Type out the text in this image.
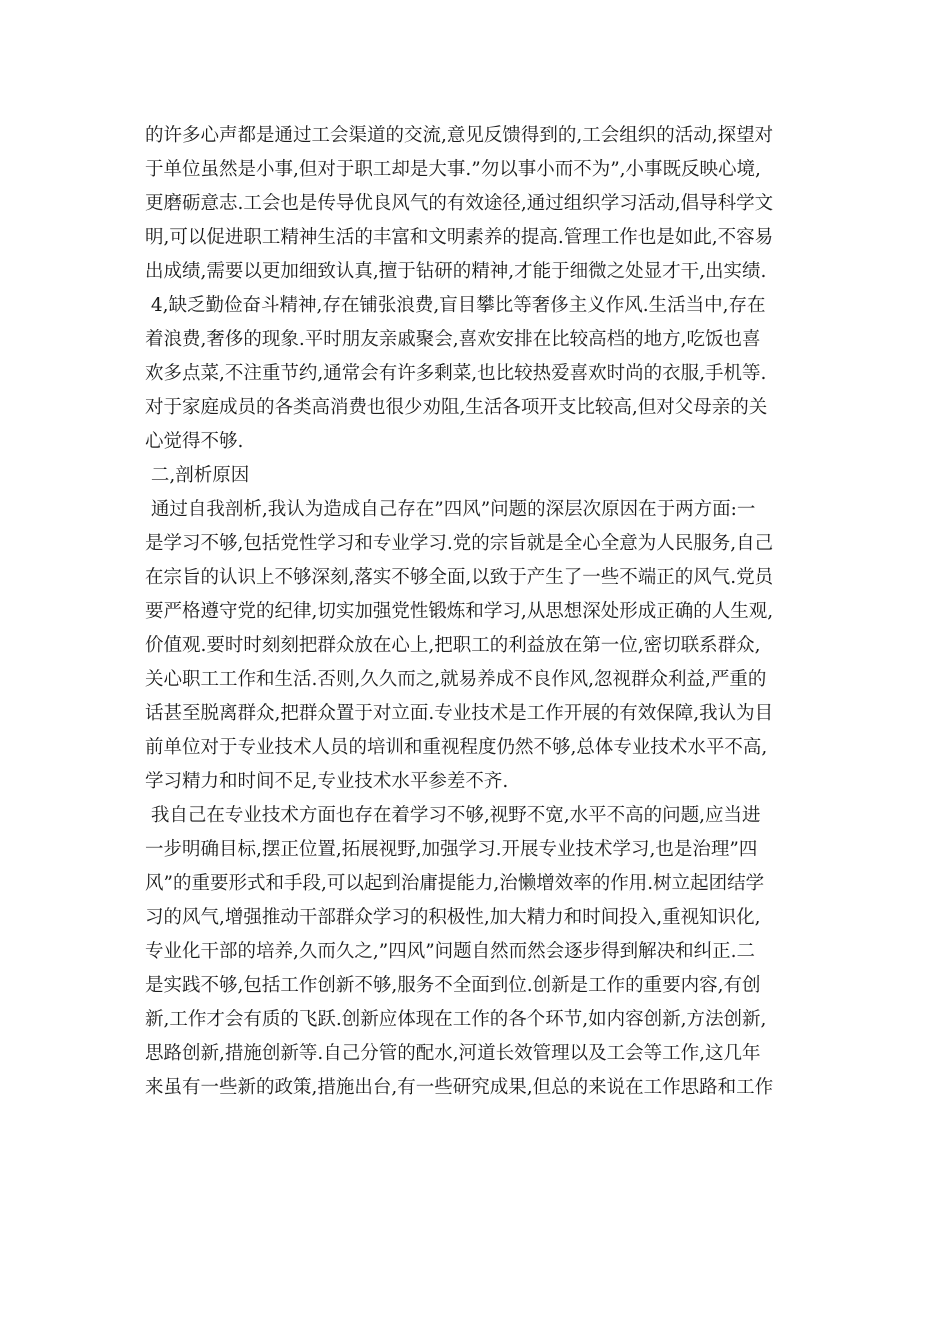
的许多心声都是通过工会渠道的交流,意见反馈得到的,工会组织的活动,探望对
于单位虽然是小事,但对于职工却是大事.”勿以事小而不为”,小事既反映心境,
更磨砺意志.工会也是传导优良风气的有效途径,通过组织学习活动,倡导科学文
明,可以促进职工精神生活的丰富和文明素养的提高.管理工作也是如此,不容易
出成绩,需要以更加细致认真,擅于钻研的精神,才能于细微之处显才干,出实绩.
4,缺乏勤俭奋斗精神,存在铺张浪费,盲目攀比等奢侈主义作风.生活当中,存在
着浪费,奢侈的现象.平时朋友亲戚聚会,喜欢安排在比较高档的地方,吃饭也喜
欢多点菜,不注重节约,通常会有许多剩菜,也比较热爱喜欢时尚的衣服,手机等.
对于家庭成员的各类高消费也很少劝阻,生活各项开支比较高,但对父母亲的关
心觉得不够.
二,剖析原因
通过自我剖析,我认为造成自己存在”四风”问题的深层次原因在于两方面:一
是学习不够,包括党性学习和专业学习.党的宗旨就是全心全意为人民服务,自己
在宗旨的认识上不够深刻,落实不够全面,以致于产生了一些不端正的风气.党员
要严格遵守党的纪律,切实加强党性锻炼和学习,从思想深处形成正确的人生观,
价值观.要时时刻刻把群众放在心上,把职工的利益放在第一位,密切联系群众,
关心职工工作和生活.否则,久久而之,就易养成不良作风,忽视群众利益,严重的
话甚至脱离群众,把群众置于对立面.专业技术是工作开展的有效保障,我认为目
前单位对于专业技术人员的培训和重视程度仍然不够,总体专业技术水平不高,
学习精力和时间不足,专业技术水平参差不齐.
我自己在专业技术方面也存在着学习不够,视野不宽,水平不高的问题,应当进
一步明确目标,摆正位置,拓展视野,加强学习.开展专业技术学习,也是治理”四
风”的重要形式和手段,可以起到治庸提能力,治懒增效率的作用.树立起团结学
习的风气,增强推动干部群众学习的积极性,加大精力和时间投入,重视知识化,
专业化干部的培养,久而久之,”四风”问题自然而然会逐步得到解决和纠正.二
是实践不够,包括工作创新不够,服务不全面到位.创新是工作的重要内容,有创
新,工作才会有质的飞跃.创新应体现在工作的各个环节,如内容创新,方法创新,
思路创新,措施创新等.自己分管的配水,河道长效管理以及工会等工作,这几年
来虽有一些新的政策,措施出台,有一些研究成果,但总的来说在工作思路和工作
